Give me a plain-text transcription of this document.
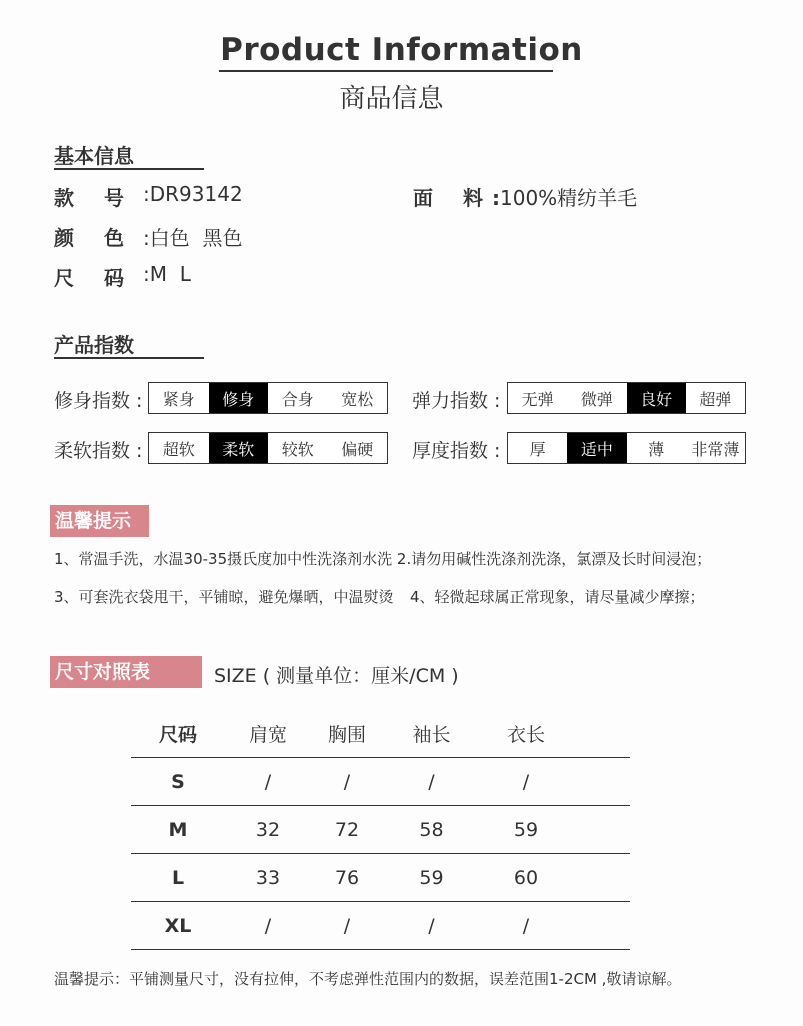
Product Information
商品信息
基本信息
款 号 :DR93142	面 料 :100%精纺羊毛
颜 色 :白色  黑色
尺 码 :M  L
产品指数
修身指数 :	紧身	修身	合身	宽松	弹力指数 :	无弹	微弹	良好	超弹
柔软指数 :	超软	柔软	较软	偏硬	厚度指数 :	厚	适中	薄	非常薄
温馨提示
1、常温手洗，水温30-35摄氏度加中性洗涤剂水洗 2.请勿用碱性洗涤剂洗涤，氯漂及长时间浸泡；
3、可套洗衣袋甩干，平铺晾，避免爆晒，中温熨烫	4、轻微起球属正常现象，请尽量减少摩擦；
尺寸对照表	SIZE ( 测量单位：厘米/CM )
尺码	肩宽	胸围	袖长	衣长	
S	/	/	/	/	
M	32	72	58	59	
L	33	76	59	60	
XL	/	/	/	/	
温馨提示：平铺测量尺寸，没有拉伸，不考虑弹性范围内的数据，误差范围1-2CM ,敬请谅解。
